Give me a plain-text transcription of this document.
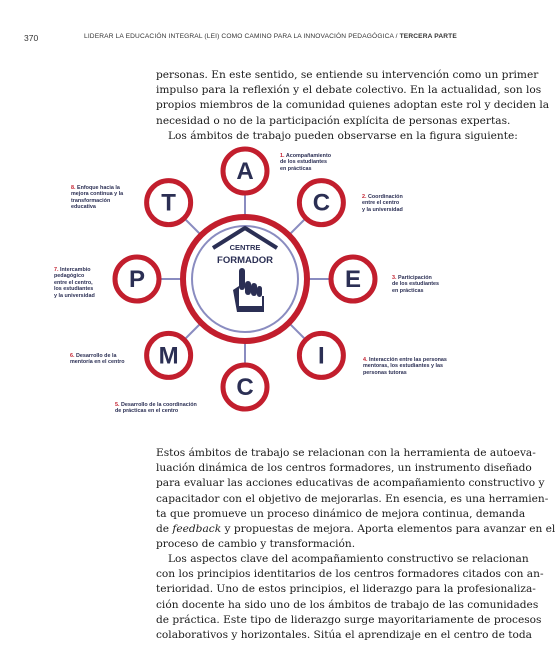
370	LIDERAR LA EDUCACIÓN INTEGRAL (LEI) COMO CAMINO PARA LA INNOVACIÓN PEDAGÓGICA / TERCERA PARTE
personas. En este sentido, se entiende su intervención como un primer
impulso para la reflexión y el debate colectivo. En la actualidad, son los
propios miembros de la comunidad quienes adoptan este rol y deciden la
necesidad o no de la participación explícita de personas expertas.
Los ámbitos de trabajo pueden observarse en la figura siguiente:
CENTRE
FORMADOR
A
C
E
I
C
M
P
T
1. Acompañamiento
de los estudiantes
en prácticas
2. Coordinación
entre el centro
y la universidad
3. Participación
de los estudiantes
en prácticas
4. Interacción entre las personas
mentoras, los estudiantes y las
personas tutoras
5. Desarrollo de la coordinación
de prácticas en el centro
6. Desarrollo de la
mentoría en el centro
7. Intercambio
pedagógico
entre el centro,
los estudiantes
y la universidad
8. Enfoque hacia la
mejora continua y la
transformación
educativa
Estos ámbitos de trabajo se relacionan con la herramienta de autoeva-
luación dinámica de los centros formadores, un instrumento diseñado
para evaluar las acciones educativas de acompañamiento constructivo y
capacitador con el objetivo de mejorarlas. En esencia, es una herramien-
ta que promueve un proceso dinámico de mejora continua, demanda
de feedback y propuestas de mejora. Aporta elementos para avanzar en el
proceso de cambio y transformación.
Los aspectos clave del acompañamiento constructivo se relacionan
con los principios identitarios de los centros formadores citados con an-
terioridad. Uno de estos principios, el liderazgo para la profesionaliza-
ción docente ha sido uno de los ámbitos de trabajo de las comunidades
de práctica. Este tipo de liderazgo surge mayoritariamente de procesos
colaborativos y horizontales. Sitúa el aprendizaje en el centro de toda
